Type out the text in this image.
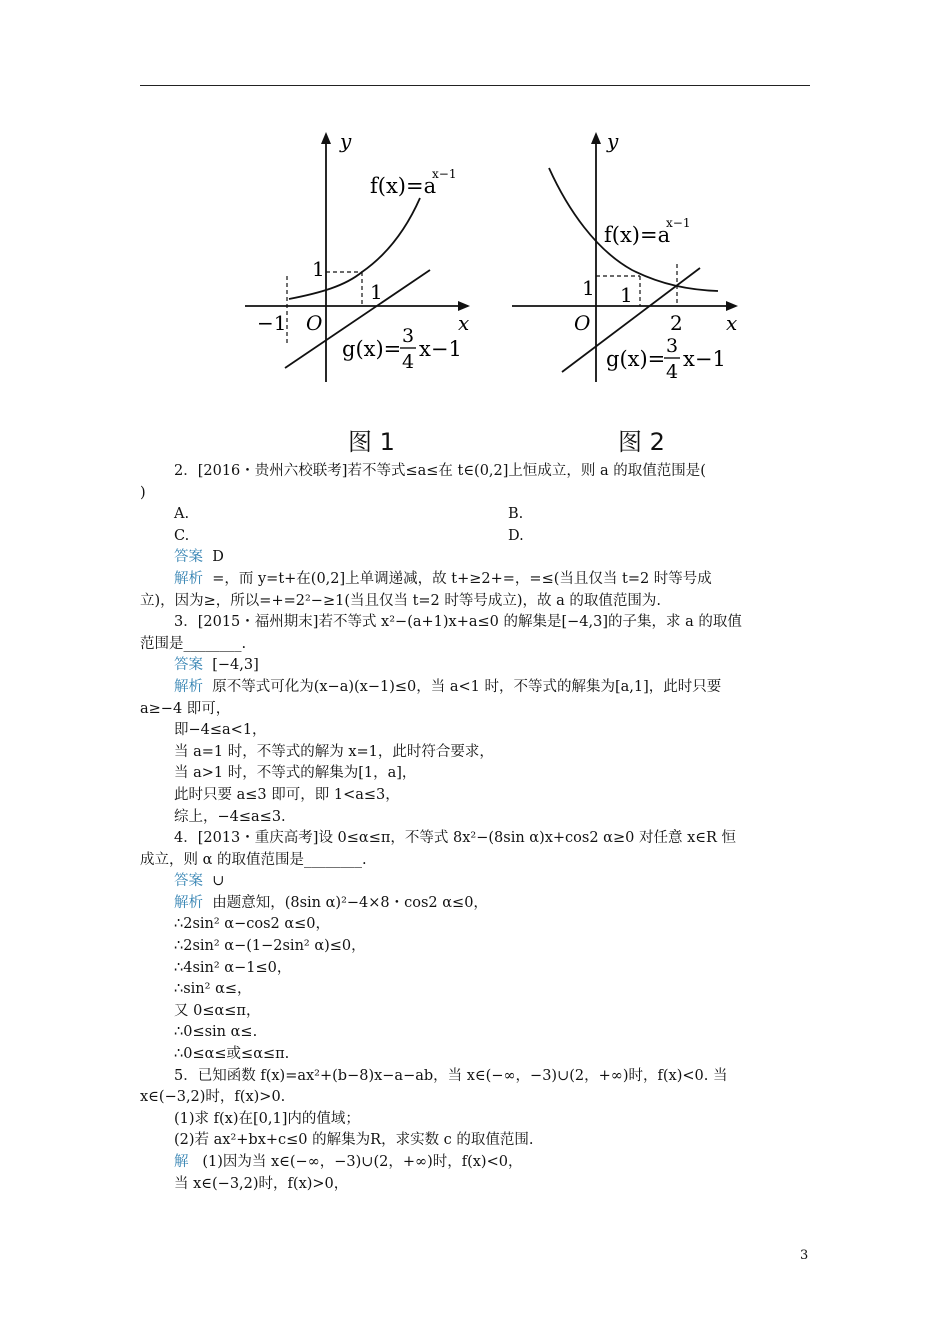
y
x
O
−1
1
1
f(x)=a
x−1
g(x)=
3
4
x−1
y
x
O
1 1
2
f(x)=a
x−1
g(x)=
3
4
x−1
图 1	图 2
2．[2016・贵州六校联考]若不等式≤a≤在 t∈(0,2]上恒成立，则 a 的取值范围是(
)
A.	B.
C.	D.
答案 D
解析 =，而 y=t+在(0,2]上单调递减，故 t+≥2+=，=≤(当且仅当 t=2 时等号成
立)，因为≥，所以=+=2²−≥1(当且仅当 t=2 时等号成立)，故 a 的取值范围为.
3．[2015・福州期末]若不等式 x²−(a+1)x+a≤0 的解集是[−4,3]的子集，求 a 的取值
范围是________.
答案 [−4,3]
解析 原不等式可化为(x−a)(x−1)≤0，当 a<1 时，不等式的解集为[a,1]，此时只要
a≥−4 即可，
即−4≤a<1，
当 a=1 时，不等式的解为 x=1，此时符合要求，
当 a>1 时，不等式的解集为[1，a]，
此时只要 a≤3 即可，即 1<a≤3，
综上，−4≤a≤3.
4．[2013・重庆高考]设 0≤α≤π，不等式 8x²−(8sin α)x+cos2 α≥0 对任意 x∈R 恒
成立，则 α 的取值范围是________.
答案 ∪
解析 由题意知，(8sin α)²−4×8・cos2 α≤0，
∴2sin² α−cos2 α≤0，
∴2sin² α−(1−2sin² α)≤0，
∴4sin² α−1≤0，
∴sin² α≤，
又 0≤α≤π，
∴0≤sin α≤.
∴0≤α≤或≤α≤π.
5．已知函数 f(x)=ax²+(b−8)x−a−ab，当 x∈(−∞，−3)∪(2，+∞)时，f(x)<0. 当
x∈(−3,2)时，f(x)>0.
(1)求 f(x)在[0,1]内的值域；
(2)若 ax²+bx+c≤0 的解集为R，求实数 c 的取值范围.
解 (1)因为当 x∈(−∞，−3)∪(2，+∞)时，f(x)<0，
当 x∈(−3,2)时，f(x)>0，
3
